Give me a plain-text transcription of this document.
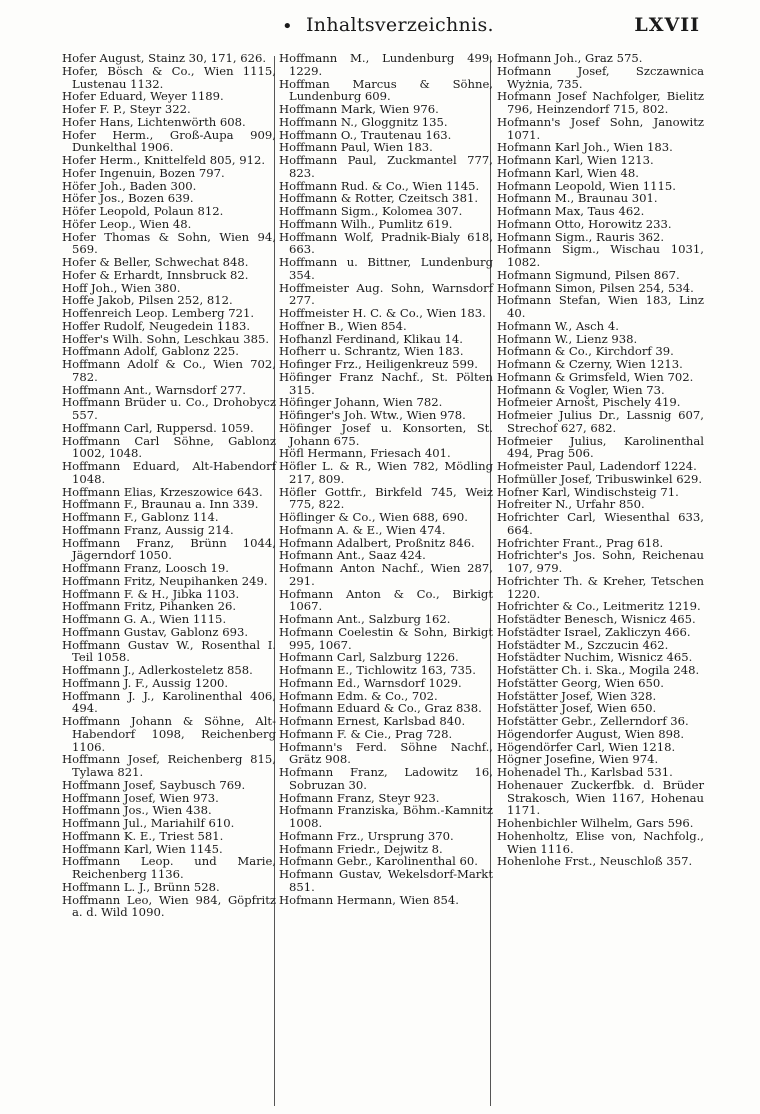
• Inhaltsverzeichnis.	LXVII

Hofer August, Stainz 30, 171, 626.

Hofer, Bösch & Co., Wien 1115, Lustenau 1132.

Hofer Eduard, Weyer 1189.

Hofer F. P., Steyr 322.

Hofer Hans, Lichtenwörth 608.

Hofer Herm., Groß-Aupa 909, Dunkelthal 1906.

Hofer Herm., Knittelfeld 805, 912.

Hofer Ingenuin, Bozen 797.

Höfer Joh., Baden 300.

Höfer Jos., Bozen 639.

Höfer Leopold, Polaun 812.

Höfer Leop., Wien 48.

Hofer Thomas & Sohn, Wien 94, 569.

Hofer & Beller, Schwechat 848.

Hofer & Erhardt, Innsbruck 82.

Hoff Joh., Wien 380.

Hoffe Jakob, Pilsen 252, 812.

Hoffenreich Leop. Lemberg 721.

Hoffer Rudolf, Neugedein 1183.

Hoffer's Wilh. Sohn, Leschkau 385.

Hoffmann Adolf, Gablonz 225.

Hoffmann Adolf & Co., Wien 702, 782.

Hoffmann Ant., Warnsdorf 277.

Hoffmann Brüder u. Co., Drohobycz 557.

Hoffmann Carl, Ruppersd. 1059.

Hoffmann Carl Söhne, Gablonz 1002, 1048.

Hoffmann Eduard, Alt-Habendorf 1048.

Hoffmann Elias, Krzeszowice 643.

Hoffmann F., Braunau a. Inn 339.

Hoffmann F., Gablonz 114.

Hoffmann Franz, Aussig 214.

Hoffmann Franz, Brünn 1044, Jägerndorf 1050.

Hoffmann Franz, Loosch 19.

Hoffmann Fritz, Neupihanken 249.

Hoffmann F. & H., Jibka 1103.

Hoffmann Fritz, Pihanken 26.

Hoffmann G. A., Wien 1115.

Hoffmann Gustav, Gablonz 693.

Hoffmann Gustav W., Rosenthal I. Teil 1058.

Hoffmann J., Adlerkosteletz 858.

Hoffmann J. F., Aussig 1200.

Hoffmann J. J., Karolinenthal 406, 494.

Hoffmann Johann & Söhne, Alt-Habendorf 1098, Reichenberg 1106.

Hoffmann Josef, Reichenberg 815, Tylawa 821.

Hoffmann Josef, Saybusch 769.

Hoffmann Josef, Wien 973.

Hoffmann Jos., Wien 438.

Hoffmann Jul., Mariahilf 610.

Hoffmann K. E., Triest 581.

Hoffmann Karl, Wien 1145.

Hoffmann Leop. und Marie, Reichenberg 1136.

Hoffmann L. J., Brünn 528.

Hoffmann Leo, Wien 984, Göpfritz a. d. Wild 1090.

Hoffmann M., Lundenburg 499, 1229.

Hoffman Marcus & Söhne, Lundenburg 609.

Hoffmann Mark, Wien 976.

Hoffmann N., Gloggnitz 135.

Hoffmann O., Trautenau 163.

Hoffmann Paul, Wien 183.

Hoffmann Paul, Zuckmantel 777, 823.

Hoffmann Rud. & Co., Wien 1145.

Hoffmann & Rotter, Czeitsch 381.

Hoffmann Sigm., Kolomea 307.

Hoffmann Wilh., Pumlitz 619.

Hoffmann Wolf, Pradnik-Bialy 618, 663.

Hoffmann u. Bittner, Lundenburg 354.

Hoffmeister Aug. Sohn, Warnsdorf 277.

Hoffmeister H. C. & Co., Wien 183.

Hoffner B., Wien 854.

Hofhanzl Ferdinand, Klikau 14.

Hofherr u. Schrantz, Wien 183.

Hofinger Frz., Heiligenkreuz 599.

Höfinger Franz Nachf., St. Pölten 315.

Höfinger Johann, Wien 782.

Höfinger's Joh. Wtw., Wien 978.

Höfinger Josef u. Konsorten, St. Johann 675.

Höfl Hermann, Friesach 401.

Höfler L. & R., Wien 782, Mödling 217, 809.

Höfler Gottfr., Birkfeld 745, Weiz 775, 822.

Höflinger & Co., Wien 688, 690.

Hofmann A. & E., Wien 474.

Hofmann Adalbert, Proßnitz 846.

Hofmann Ant., Saaz 424.

Hofmann Anton Nachf., Wien 287, 291.

Hofmann Anton & Co., Birkigt 1067.

Hofmann Ant., Salzburg 162.

Hofmann Coelestin & Sohn, Birkigt 995, 1067.

Hofmann Carl, Salzburg 1226.

Hofmann E., Tichlowitz 163, 735.

Hofmann Ed., Warnsdorf 1029.

Hofmann Edm. & Co., 702.

Hofmann Eduard & Co., Graz 838.

Hofmann Ernest, Karlsbad 840.

Hofmann F. & Cie., Prag 728.

Hofmann's Ferd. Söhne Nachf., Grätz 908.

Hofmann Franz, Ladowitz 16, Sobruzan 30.

Hofmann Franz, Steyr 923.

Hofmann Franziska, Böhm.-Kamnitz 1008.

Hofmann Frz., Ursprung 370.

Hofmann Friedr., Dejwitz 8.

Hofmann Gebr., Karolinenthal 60.

Hofmann Gustav, Wekelsdorf-Markt 851.

Hofmann Hermann, Wien 854.

Hofmann Joh., Graz 575.

Hofmann Josef, Szczawnica Wyżnia, 735.

Hofmann Josef Nachfolger, Bielitz 796, Heinzendorf 715, 802.

Hofmann's Josef Sohn, Janowitz 1071.

Hofmann Karl Joh., Wien 183.

Hofmann Karl, Wien 1213.

Hofmann Karl, Wien 48.

Hofmann Leopold, Wien 1115.

Hofmann M., Braunau 301.

Hofmann Max, Taus 462.

Hofmann Otto, Horowitz 233.

Hofmann Sigm., Rauris 362.

Hofmann Sigm., Wischau 1031, 1082.

Hofmann Sigmund, Pilsen 867.

Hofmann Simon, Pilsen 254, 534.

Hofmann Stefan, Wien 183, Linz 40.

Hofmann W., Asch 4.

Hofmann W., Lienz 938.

Hofmann & Co., Kirchdorf 39.

Hofmann & Czerny, Wien 1213.

Hofmann & Grimsfeld, Wien 702.

Hofmann & Vogler, Wien 73.

Hofmeier Arnošt, Pischely 419.

Hofmeier Julius Dr., Lassnig 607, Strechof 627, 682.

Hofmeier Julius, Karolinenthal 494, Prag 506.

Hofmeister Paul, Ladendorf 1224.

Hofmüller Josef, Tribuswinkel 629.

Hofner Karl, Windischsteig 71.

Hofreiter N., Urfahr 850.

Hofrichter Carl, Wiesenthal 633, 664.

Hofrichter Frant., Prag 618.

Hofrichter's Jos. Sohn, Reichenau 107, 979.

Hofrichter Th. & Kreher, Tetschen 1220.

Hofrichter & Co., Leitmeritz 1219.

Hofstädter Benesch, Wisnicz 465.

Hofstädter Israel, Zakliczyn 466.

Hofstädter M., Szczucin 462.

Hofstädter Nuchim, Wisnicz 465.

Hofstätter Ch. i. Ska., Mogila 248.

Hofstätter Georg, Wien 650.

Hofstätter Josef, Wien 328.

Hofstätter Josef, Wien 650.

Hofstätter Gebr., Zellerndorf 36.

Högendorfer August, Wien 898.

Högendörfer Carl, Wien 1218.

Högner Josefine, Wien 974.

Hohenadel Th., Karlsbad 531.

Hohenauer Zuckerfbk. d. Brüder Strakosch, Wien 1167, Hohenau 1171.

Hohenbichler Wilhelm, Gars 596.

Hohenholtz, Elise von, Nachfolg., Wien 1116.

Hohenlohe Frst., Neuschloß 357.
